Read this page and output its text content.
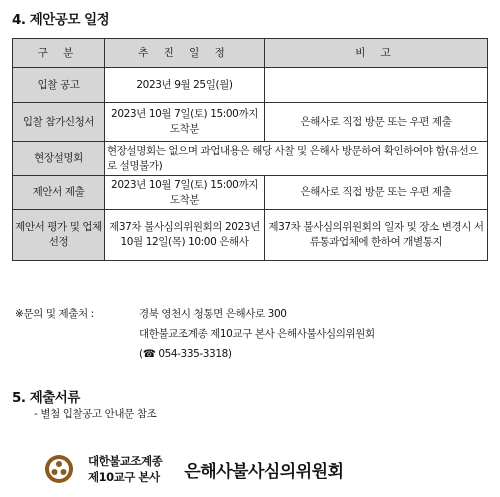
4. 제안공모 일정
구 분	추 진 일 정	비 고
입찰 공고	2023년 9월 25일(월)	
입찰 참가신청서	2023년 10월 7일(토) 15:00까지 도착분	은해사로 직접 방문 또는 우편 제출
현장설명회	현장설명회는 없으며 과업내용은 해당 사찰 및 은해사 방문하여 확인하여야 함(유선으로 설명불가)	
제안서 제출	2023년 10월 7일(토) 15:00까지 도착분	은해사로 직접 방문 또는 우편 제출
제안서 평가 및 업체선정	제37차 불사심의위원회의 2023년 10월 12일(목) 10:00 은해사	제37차 불사심의위원회의 일자 및 장소 변경시 서류통과업체에 한하여 개별통지
※문의 및 제출처 :	경북 영천시 청통면 은해사로 300
대한불교조계종 제10교구 본사 은해사불사심의위원회
(☎ 054-335-3318)
5. 제출서류
- 별첨 입찰공고 안내문 참조
대한불교조계종
제10교구 본사 은해사불사심의위원회
